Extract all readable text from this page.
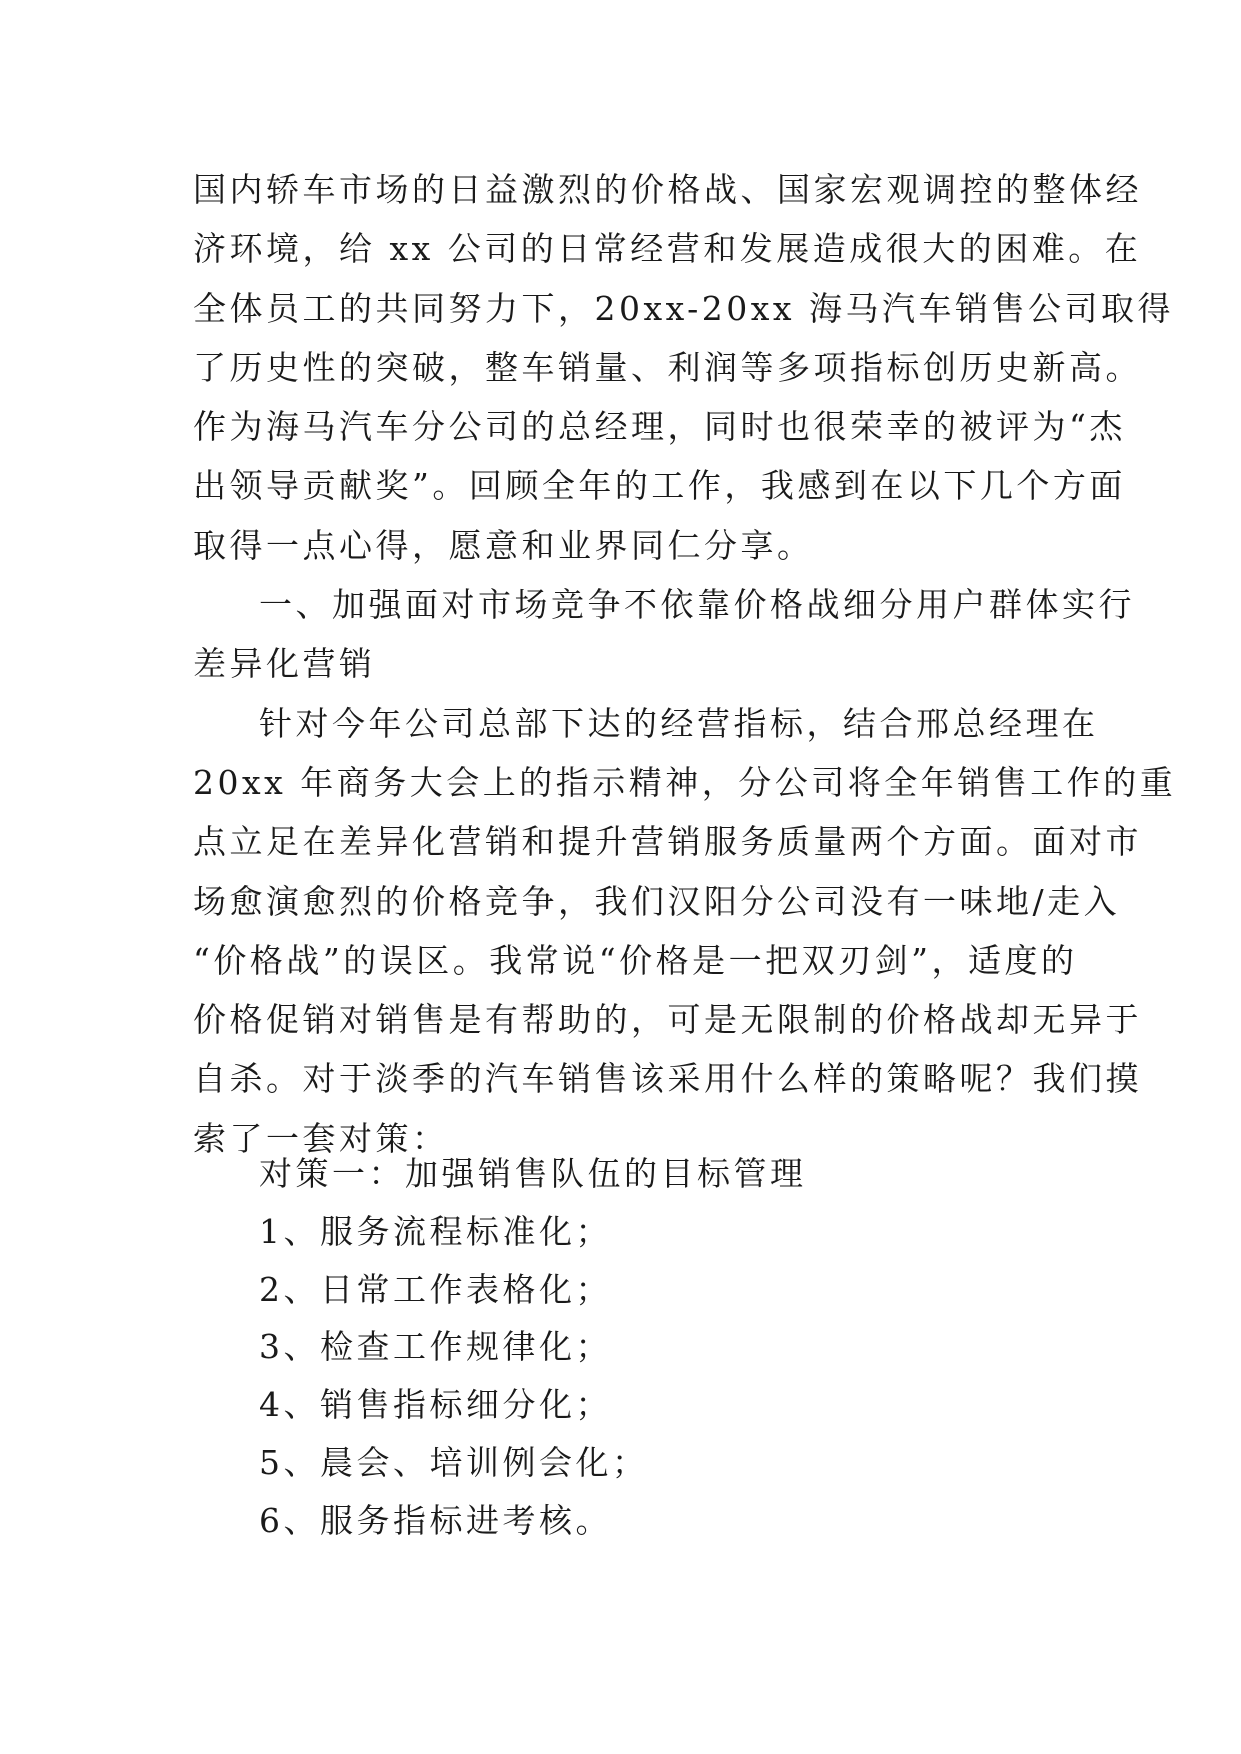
国内轿车市场的日益激烈的价格战、国家宏观调控的整体经
济环境，给 xx 公司的日常经营和发展造成很大的困难。在
全体员工的共同努力下，20xx-20xx 海马汽车销售公司取得
了历史性的突破，整车销量、利润等多项指标创历史新高。
作为海马汽车分公司的总经理，同时也很荣幸的被评为“杰
出领导贡献奖”。回顾全年的工作，我感到在以下几个方面
取得一点心得，愿意和业界同仁分享。
一、加强面对市场竞争不依靠价格战细分用户群体实行
差异化营销
针对今年公司总部下达的经营指标，结合邢总经理在
20xx 年商务大会上的指示精神，分公司将全年销售工作的重
点立足在差异化营销和提升营销服务质量两个方面。面对市
场愈演愈烈的价格竞争，我们汉阳分公司没有一味地/走入
“价格战”的误区。我常说“价格是一把双刃剑”，适度的
价格促销对销售是有帮助的，可是无限制的价格战却无异于
自杀。对于淡季的汽车销售该采用什么样的策略呢？我们摸
索了一套对策：
对策一：加强销售队伍的目标管理
1、服务流程标准化；
2、日常工作表格化；
3、检查工作规律化；
4、销售指标细分化；
5、晨会、培训例会化；
6、服务指标进考核。
